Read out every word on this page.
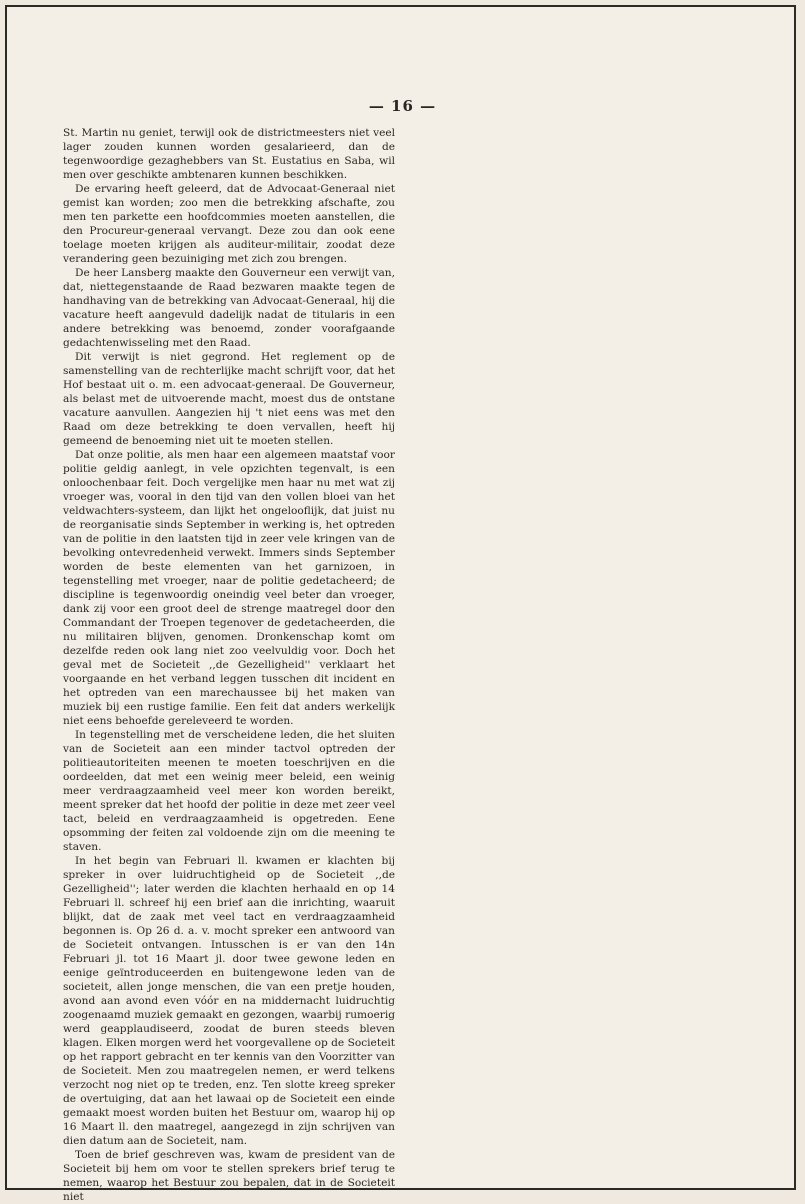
— 16 —

St. Martin nu geniet, terwijl ook de districtmeesters niet veel lager zouden kunnen worden gesalarieerd, dan de tegenwoordige gezaghebbers van St. Eustatius en Saba, wil men over geschikte ambtenaren kunnen beschikken.

De ervaring heeft geleerd, dat de Advocaat-Generaal niet gemist kan worden; zoo men die betrekking afschafte, zou men ten parkette een hoofdcommies moeten aanstellen, die den Procureur-generaal vervangt. Deze zou dan ook eene toelage moeten krijgen als auditeur-militair, zoodat deze verandering geen bezuiniging met zich zou brengen.

De heer Lansberg maakte den Gouverneur een verwijt van, dat, niettegenstaande de Raad bezwaren maakte tegen de handhaving van de betrekking van Advocaat-Generaal, hij die vacature heeft aangevuld dadelijk nadat de titularis in een andere betrekking was benoemd, zonder voorafgaande gedachtenwisseling met den Raad.

Dit verwijt is niet gegrond. Het reglement op de samenstelling van de rechterlijke macht schrijft voor, dat het Hof bestaat uit o. m. een advocaat-generaal. De Gouverneur, als belast met de uitvoerende macht, moest dus de ontstane vacature aanvullen. Aangezien hij 't niet eens was met den Raad om deze betrekking te doen vervallen, heeft hij gemeend de benoeming niet uit te moeten stellen.

Dat onze politie, als men haar een algemeen maatstaf voor politie geldig aanlegt, in vele opzichten tegenvalt, is een onloochenbaar feit. Doch vergelijke men haar nu met wat zij vroeger was, vooral in den tijd van den vollen bloei van het veldwachters-systeem, dan lijkt het ongelooflijk, dat juist nu de reorganisatie sinds September in werking is, het optreden van de politie in den laatsten tijd in zeer vele kringen van de bevolking ontevredenheid verwekt. Immers sinds September worden de beste elementen van het garnizoen, in tegenstelling met vroeger, naar de politie gedetacheerd; de discipline is tegenwoordig oneindig veel beter dan vroeger, dank zij voor een groot deel de strenge maatregel door den Commandant der Troepen tegenover de gedetacheerden, die nu militairen blijven, genomen. Dronkenschap komt om dezelfde reden ook lang niet zoo veelvuldig voor. Doch het geval met de Societeit ,,de Gezelligheid'' verklaart het voorgaande en het verband leggen tusschen dit incident en het optreden van een marechaussee bij het maken van muziek bij een rustige familie. Een feit dat anders werkelijk niet eens behoefde gereleveerd te worden.

In tegenstelling met de verscheidene leden, die het sluiten van de Societeit aan een minder tactvol optreden der politieautoriteiten meenen te moeten toeschrijven en die oordeelden, dat met een weinig meer beleid, een weinig meer verdraagzaamheid veel meer kon worden bereikt, meent spreker dat het hoofd der politie in deze met zeer veel tact, beleid en verdraagzaamheid is opgetreden. Eene opsomming der feiten zal voldoende zijn om die meening te staven.

In het begin van Februari ll. kwamen er klachten bij spreker in over luidruchtigheid op de Societeit ,,de Gezelligheid''; later werden die klachten herhaald en op 14 Februari ll. schreef hij een brief aan die inrichting, waaruit blijkt, dat de zaak met veel tact en verdraagzaamheid begonnen is. Op 26 d. a. v. mocht spreker een antwoord van de Societeit ontvangen. Intusschen is er van den 14n Februari jl. tot 16 Maart jl. door twee gewone leden en eenige geïntroduceerden en buitengewone leden van de societeit, allen jonge menschen, die van een pretje houden, avond aan avond even vóór en na middernacht luidruchtig zoogenaamd muziek gemaakt en gezongen, waarbij rumoerig werd geapplaudiseerd, zoodat de buren steeds bleven klagen. Elken morgen werd het voorgevallene op de Societeit op het rapport gebracht en ter kennis van den Voorzitter van de Societeit. Men zou maatregelen nemen, er werd telkens verzocht nog niet op te treden, enz. Ten slotte kreeg spreker de overtuiging, dat aan het lawaai op de Societeit een einde gemaakt moest worden buiten het Bestuur om, waarop hij op 16 Maart ll. den maatregel, aangezegd in zijn schrijven van dien datum aan de Societeit, nam.

Toen de brief geschreven was, kwam de president van de Societeit bij hem om voor te stellen sprekers brief terug te nemen, waarop het Bestuur zou bepalen, dat in de Societeit niet
